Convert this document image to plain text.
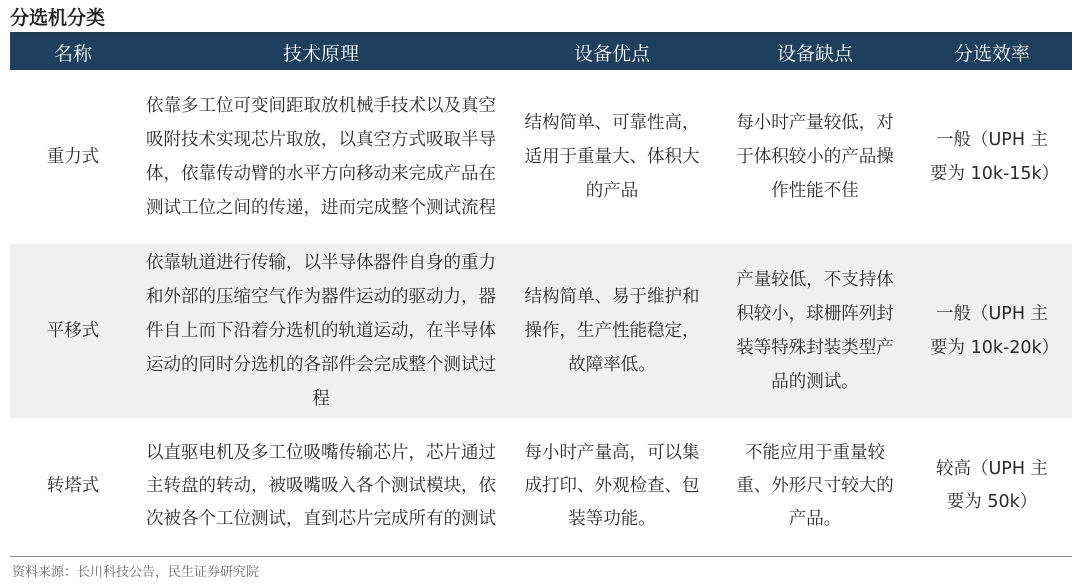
分选机分类
名称	技术原理	设备优点	设备缺点	分选效率
重力式	依靠多工位可变间距取放机械手技术以及真空吸附技术实现芯片取放，以真空方式吸取半导体，依靠传动臂的水平方向移动来完成产品在测试工位之间的传递，进而完成整个测试流程	结构简单、可靠性高，适用于重量大、体积大的产品	每小时产量较低，对于体积较小的产品操作性能不佳	一般（UPH 主要为 10k-15k）
平移式	依靠轨道进行传输，以半导体器件自身的重力和外部的压缩空气作为器件运动的驱动力，器件自上而下沿着分选机的轨道运动，在半导体运动的同时分选机的各部件会完成整个测试过程	结构简单、易于维护和操作，生产性能稳定，故障率低。	产量较低，不支持体积较小，球栅阵列封装等特殊封装类型产品的测试。	一般（UPH 主要为 10k-20k）
转塔式	以直驱电机及多工位吸嘴传输芯片，芯片通过主转盘的转动，被吸嘴吸入各个测试模块，依次被各个工位测试，直到芯片完成所有的测试	每小时产量高，可以集成打印、外观检查、包装等功能。	不能应用于重量较重、外形尺寸较大的产品。	较高（UPH 主要为 50k）
资料来源：长川科技公告，民生证券研究院
